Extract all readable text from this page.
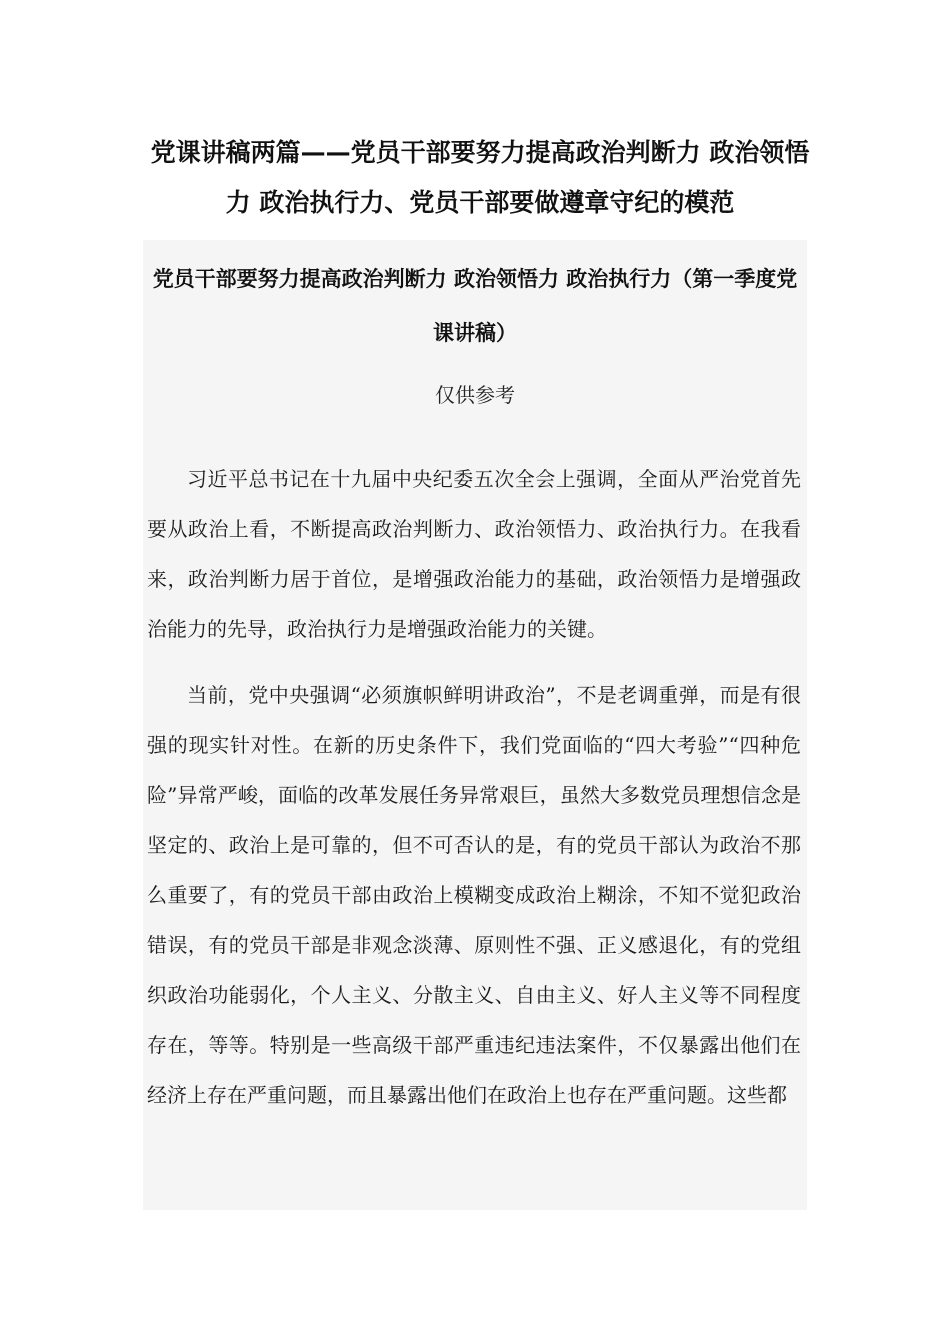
党课讲稿两篇——党员干部要努力提高政治判断力 政治领悟力 政治执行力、党员干部要做遵章守纪的模范
党员干部要努力提高政治判断力 政治领悟力 政治执行力（第一季度党课讲稿）

仅供参考

习近平总书记在十九届中央纪委五次全会上强调，全面从严治党首先要从政治上看，不断提高政治判断力、政治领悟力、政治执行力。在我看来，政治判断力居于首位，是增强政治能力的基础，政治领悟力是增强政治能力的先导，政治执行力是增强政治能力的关键。

当前，党中央强调“必须旗帜鲜明讲政治”，不是老调重弹，而是有很强的现实针对性。在新的历史条件下，我们党面临的“四大考验”“四种危险”异常严峻，面临的改革发展任务异常艰巨，虽然大多数党员理想信念是坚定的、政治上是可靠的，但不可否认的是，有的党员干部认为政治不那么重要了，有的党员干部由政治上模糊变成政治上糊涂，不知不觉犯政治错误，有的党员干部是非观念淡薄、原则性不强、正义感退化，有的党组织政治功能弱化，个人主义、分散主义、自由主义、好人主义等不同程度存在，等等。特别是一些高级干部严重违纪违法案件，不仅暴露出他们在经济上存在严重问题，而且暴露出他们在政治上也存在严重问题。这些都
